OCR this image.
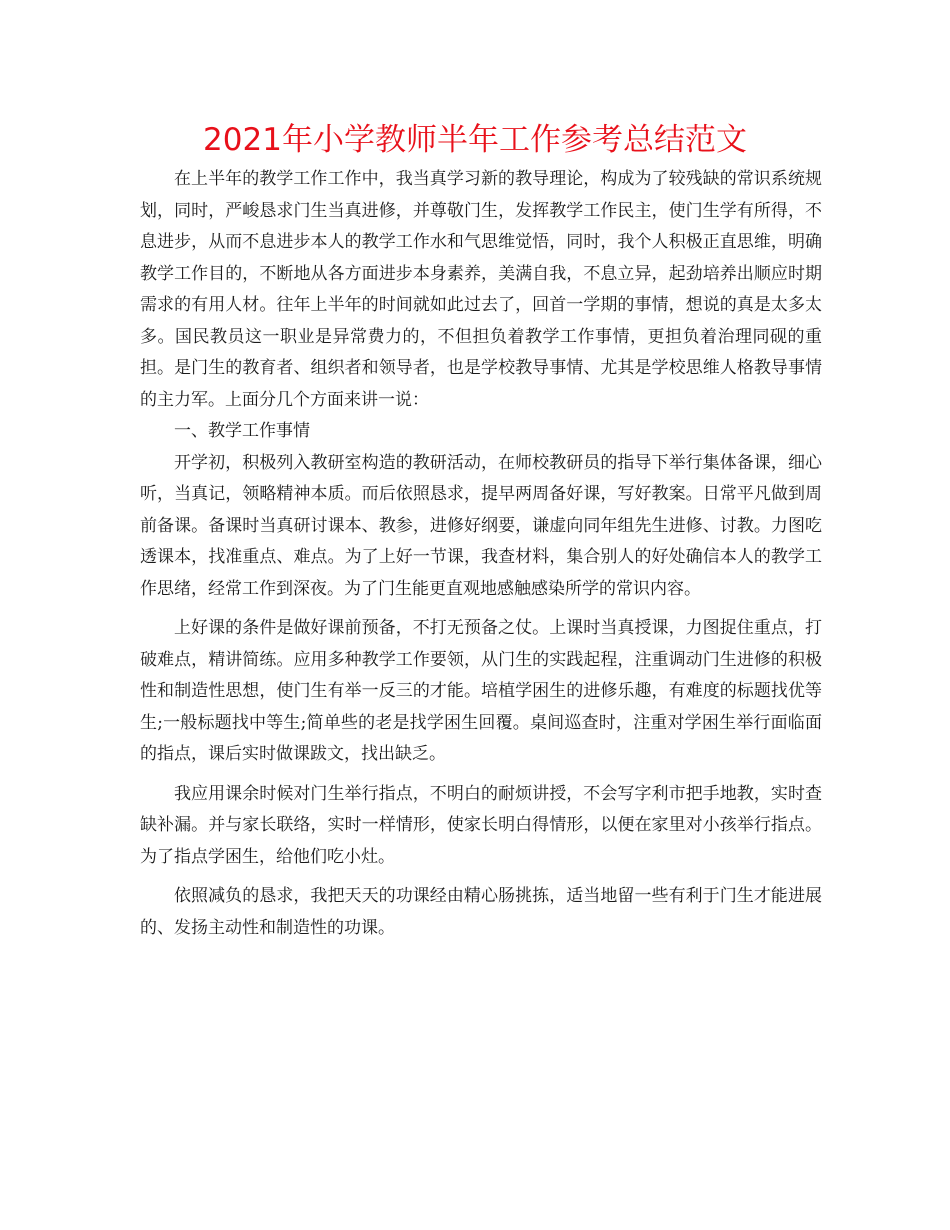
2021年小学教师半年工作参考总结范文

在上半年的教学工作工作中，我当真学习新的教导理论，构成为了较残缺的常识系统规划，同时，严峻恳求门生当真进修，并尊敬门生，发挥教学工作民主，使门生学有所得，不息进步，从而不息进步本人的教学工作水和气思维觉悟，同时，我个人积极正直思维，明确教学工作目的，不断地从各方面进步本身素养，美满自我，不息立异，起劲培养出顺应时期需求的有用人材。往年上半年的时间就如此过去了，回首一学期的事情，想说的真是太多太多。国民教员这一职业是异常费力的，不但担负着教学工作事情，更担负着治理同砚的重担。是门生的教育者、组织者和领导者，也是学校教导事情、尤其是学校思维人格教导事情的主力军。上面分几个方面来讲一说：

一、教学工作事情

开学初，积极列入教研室构造的教研活动，在师校教研员的指导下举行集体备课，细心听，当真记，领略精神本质。而后依照恳求，提早两周备好课，写好教案。日常平凡做到周前备课。备课时当真研讨课本、教参，进修好纲要，谦虚向同年组先生进修、讨教。力图吃透课本，找准重点、难点。为了上好一节课，我查材料，集合别人的好处确信本人的教学工作思绪，经常工作到深夜。为了门生能更直观地感触感染所学的常识内容。

上好课的条件是做好课前预备，不打无预备之仗。上课时当真授课，力图捉住重点，打破难点，精讲简练。应用多种教学工作要领，从门生的实践起程，注重调动门生进修的积极性和制造性思想，使门生有举一反三的才能。培植学困生的进修乐趣，有难度的标题找优等生;一般标题找中等生;简单些的老是找学困生回覆。桌间巡查时，注重对学困生举行面临面的指点，课后实时做课跋文，找出缺乏。

我应用课余时候对门生举行指点，不明白的耐烦讲授，不会写字利市把手地教，实时查缺补漏。并与家长联络，实时一样情形，使家长明白得情形，以便在家里对小孩举行指点。为了指点学困生，给他们吃小灶。

依照减负的恳求，我把天天的功课经由精心肠挑拣，适当地留一些有利于门生才能进展的、发扬主动性和制造性的功课。
